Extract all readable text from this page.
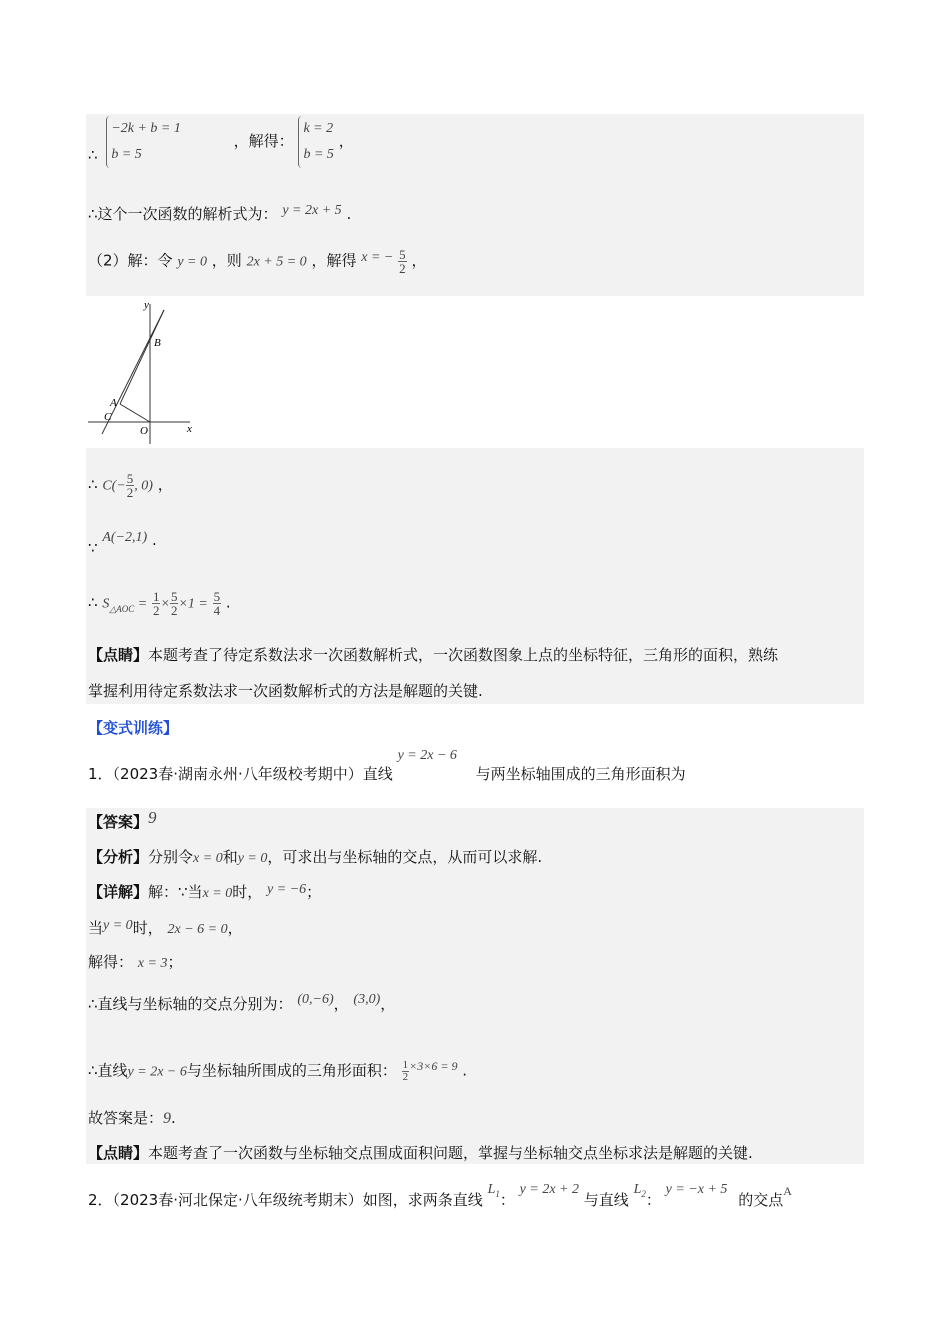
∴
−2k + b = 1
b = 5
，解得：
k = 2
b = 5
，
∴这个一次函数的解析式为： y = 2x + 5 .
（2）解：令 y = 0 ，则 2x + 5 = 0 ，解得 x = − $\frac{5}{2}$ ，
y
x
B
A
C
O
∴ $C(- \frac{5}{2}$ , 0) ，
∵ A(−2,1) .
∴ $S_{\triangle AOC} = \frac{1}{2} \times \frac{5}{2} \times 1 = \frac{5}{4}$ .
【点睛】本题考查了待定系数法求一次函数解析式，一次函数图象上点的坐标特征，三角形的面积，熟练
掌握利用待定系数法求一次函数解析式的方法是解题的关键.
【变式训练】
1．（2023春·湖南永州·八年级校考期中）直线 y = 2x − 6 与两坐标轴围成的三角形面积为
【答案】9
【分析】分别令x = 0和y = 0，可求出与坐标轴的交点，从而可以求解.
【详解】解：∵当x = 0时， y = −6；
当y = 0时， 2x − 6 = 0，
解得： x = 3；
∴直线与坐标轴的交点分别为： (0,−6)， (3,0)，
∴直线y = 2x − 6与坐标轴所围成的三角形面积： $\frac{1}{2} ^{\times 3\times 6 = 9}$ .
故答案是：9.
【点睛】本题考查了一次函数与坐标轴交点围成面积问题，掌握与坐标轴交点坐标求法是解题的关键.
2．（2023春·河北保定·八年级统考期末）如图，求两条直线 $L^1$： y = 2x + 2 与直线 $L^2$： y = −x + 5 的交点$^A$
